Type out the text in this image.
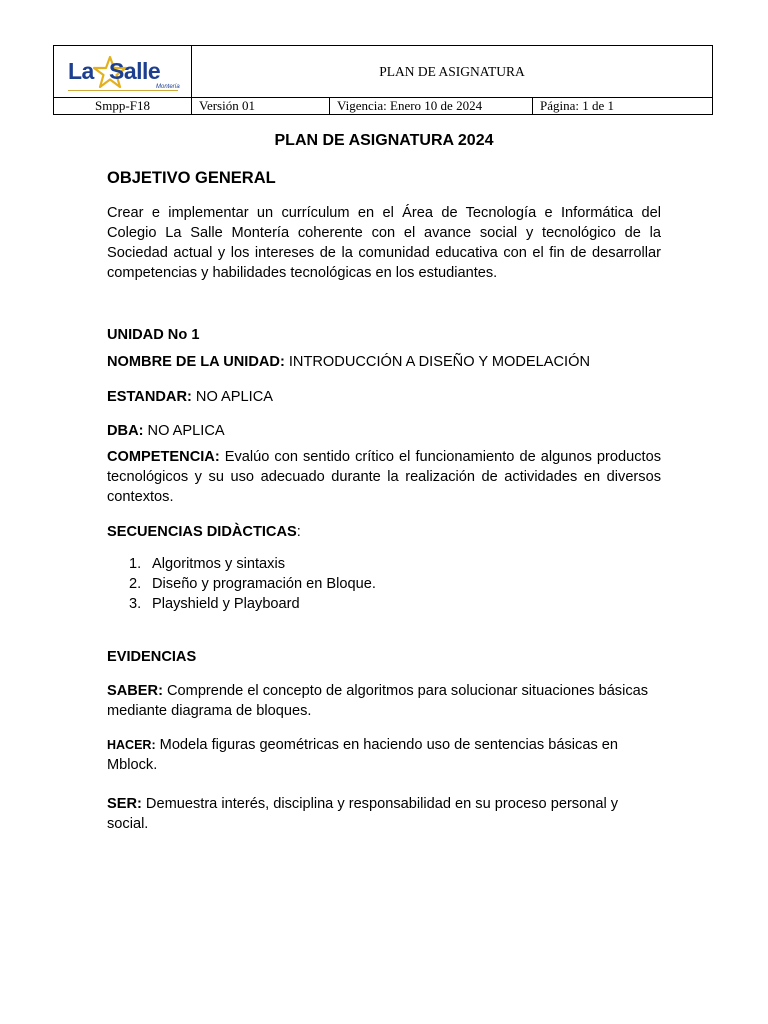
La Salle
Montería	PLAN DE ASIGNATURA		
Smpp-F18	Versión 01	Vigencia: Enero 10 de 2024	Página: 1 de 1

PLAN DE ASIGNATURA 2024

OBJETIVO GENERAL

Crear e implementar un currículum en el Área de Tecnología e Informática del Colegio La Salle Montería coherente con el avance social y tecnológico de la Sociedad actual y los intereses de la comunidad educativa con el fin de desarrollar competencias y habilidades tecnológicas en los estudiantes.

UNIDAD No 1

NOMBRE DE LA UNIDAD: INTRODUCCIÓN A DISEÑO Y MODELACIÓN

ESTANDAR: NO APLICA

DBA: NO APLICA

COMPETENCIA: Evalúo con sentido crítico el funcionamiento de algunos productos tecnológicos y su uso adecuado durante la realización de actividades en diversos contextos.

SECUENCIAS DIDÀCTICAS:

1. Algoritmos y sintaxis
2. Diseño y programación en Bloque.
3. Playshield y Playboard

EVIDENCIAS

SABER: Comprende el concepto de algoritmos para solucionar situaciones básicas mediante diagrama de bloques.

HACER: Modela figuras geométricas en haciendo uso de sentencias básicas en Mblock.

SER: Demuestra interés, disciplina y responsabilidad en su proceso personal y social.
